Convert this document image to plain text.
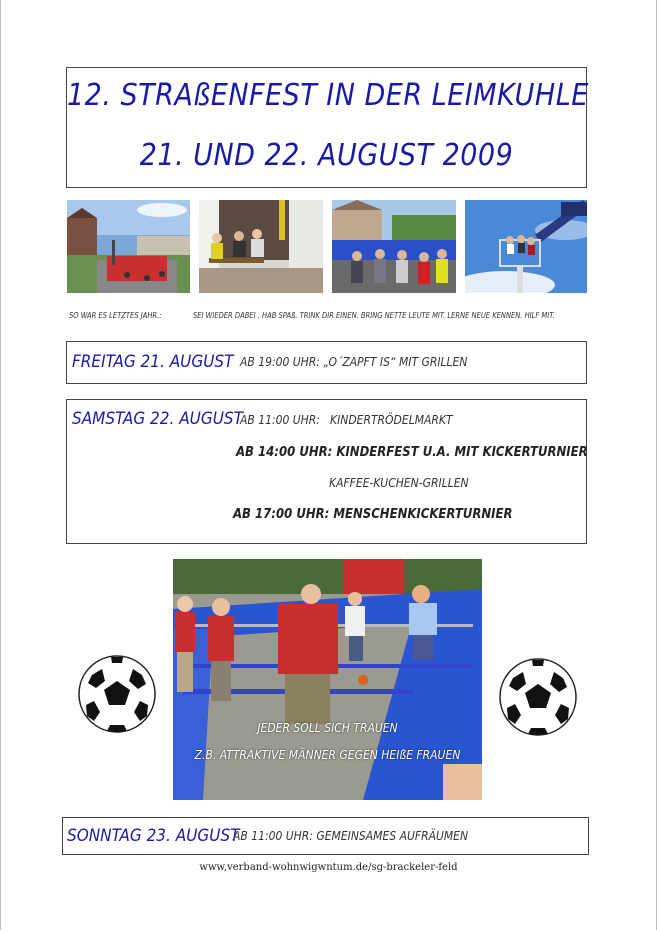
12. STRAßENFEST IN DER LEIMKUHLE
21. UND 22. AUGUST 2009
SO WAR ES LETZTES JAHR.:	SEI WIEDER DABEI . HAB SPAß. TRINK DIR EINEN. BRING NETTE LEUTE MIT. LERNE NEUE KENNEN. HILF MIT.
FREITAG 21. AUGUST AB 19:00 UHR: „O´ZAPFT IS“ MIT GRILLEN
SAMSTAG 22. AUGUST
AB 11:00 UHR: KINDERTRÖDELMARKT
AB 14:00 UHR: KINDERFEST U.A. MIT KICKERTURNIER
KAFFEE-KUCHEN-GRILLEN
AB 17:00 UHR: MENSCHENKICKERTURNIER
JEDER SOLL SICH TRAUEN
Z.B. ATTRAKTIVE MÄNNER GEGEN HEIßE FRAUEN
SONNTAG 23. AUGUST
AB 11:00 UHR: GEMEINSAMES AUFRÄUMEN
www,verband-wohnwigwntum.de/sg-brackeler-feld
